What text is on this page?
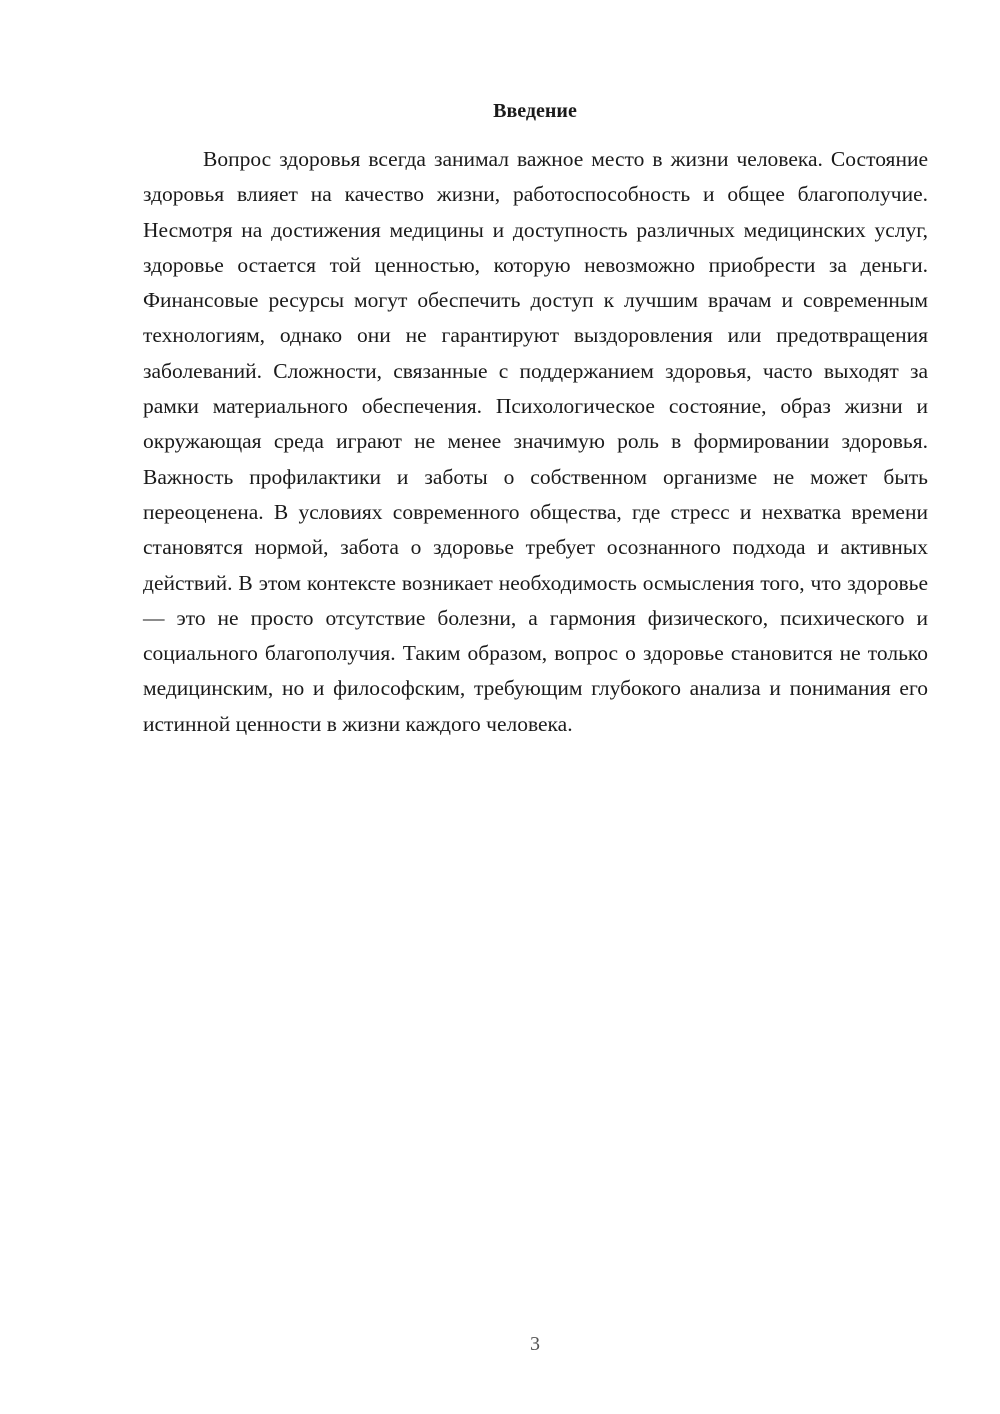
Введение

Вопрос здоровья всегда занимал важное место в жизни человека. Состояние здоровья влияет на качество жизни, работоспособность и общее благополучие. Несмотря на достижения медицины и доступность различных медицинских услуг, здоровье остается той ценностью, которую невозможно приобрести за деньги. Финансовые ресурсы могут обеспечить доступ к лучшим врачам и современным технологиям, однако они не гарантируют выздоровления или предотвращения заболеваний. Сложности, связанные с поддержанием здоровья, часто выходят за рамки материального обеспечения. Психологическое состояние, образ жизни и окружающая среда играют не менее значимую роль в формировании здоровья. Важность профилактики и заботы о собственном организме не может быть переоценена. В условиях современного общества, где стресс и нехватка времени становятся нормой, забота о здоровье требует осознанного подхода и активных действий. В этом контексте возникает необходимость осмысления того, что здоровье — это не просто отсутствие болезни, а гармония физического, психического и социального благополучия. Таким образом, вопрос о здоровье становится не только медицинским, но и философским, требующим глубокого анализа и понимания его истинной ценности в жизни каждого человека.

3
